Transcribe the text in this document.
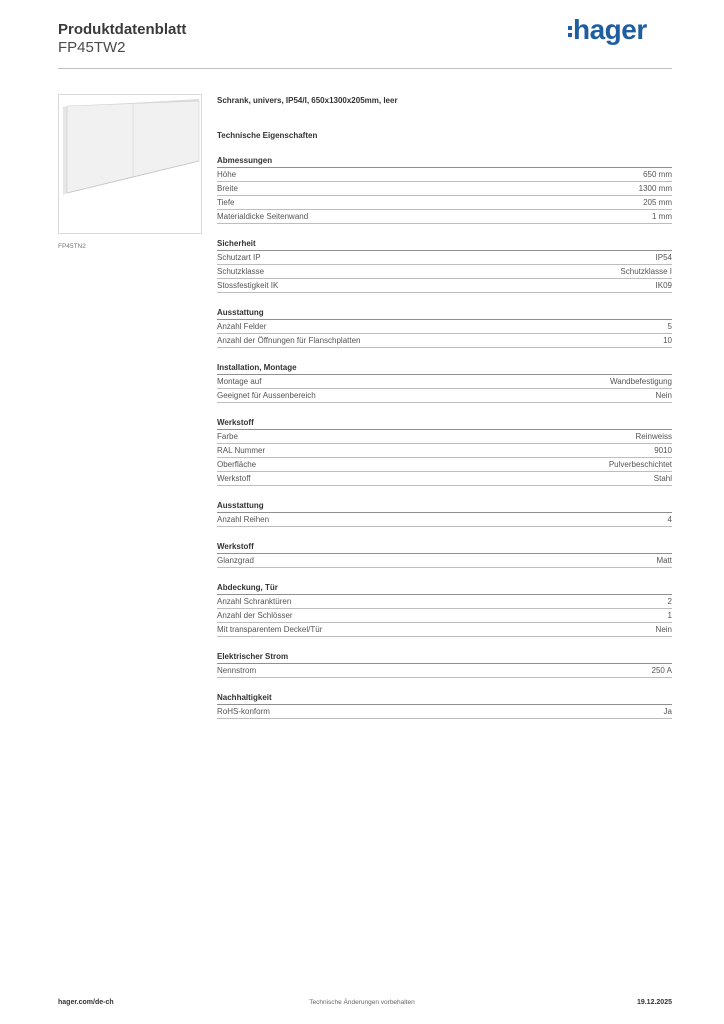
Produktdatenblatt
FP45TW2
hager
FP45TN2
Schrank, univers, IP54/I, 650x1300x205mm, leer
Technische Eigenschaften
Abmessungen
Höhe	650 mm
Breite	1300 mm
Tiefe	205 mm
Materialdicke Seitenwand	1 mm
Sicherheit
Schutzart IP	IP54
Schutzklasse	Schutzklasse I
Stossfestigkeit IK	IK09
Ausstattung
Anzahl Felder	5
Anzahl der Öffnungen für Flanschplatten	10
Installation, Montage
Montage auf	Wandbefestigung
Geeignet für Aussenbereich	Nein
Werkstoff
Farbe	Reinweiss
RAL Nummer	9010
Oberfläche	Pulverbeschichtet
Werkstoff	Stahl
Ausstattung
Anzahl Reihen	4
Werkstoff
Glanzgrad	Matt
Abdeckung, Tür
Anzahl Schranktüren	2
Anzahl der Schlösser	1
Mit transparentem Deckel/Tür	Nein
Elektrischer Strom
Nennstrom	250 A
Nachhaltigkeit
RoHS-konform	Ja
hager.com/de-ch	Technische Änderungen vorbehalten	19.12.2025
